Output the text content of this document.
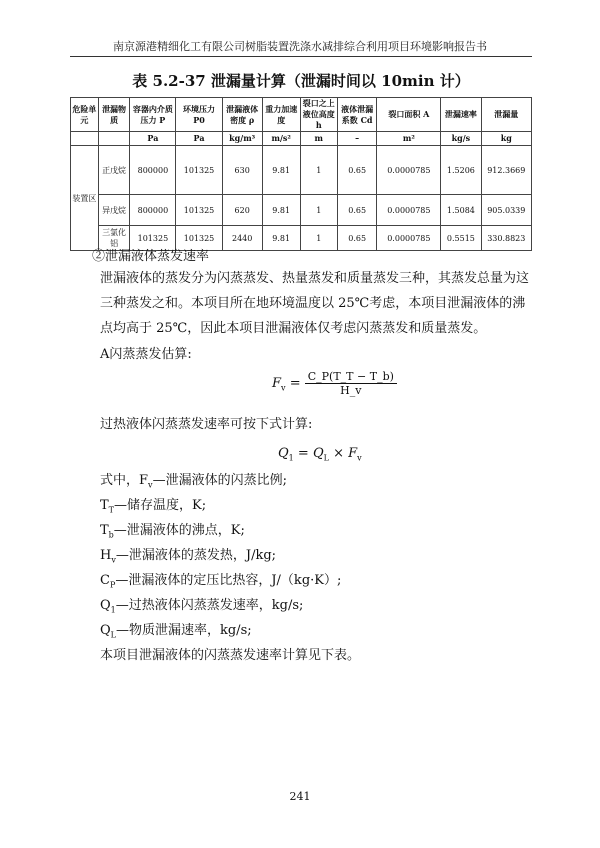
南京源港精细化工有限公司树脂装置洗涤水减排综合利用项目环境影响报告书
表 5.2-37 泄漏量计算（泄漏时间以 10min 计）
危险单元	泄漏物质	容器内介质压力 P	环境压力 P0	泄漏液体密度 ρ	重力加速度	裂口之上液位高度 h	液体泄漏系数 Cd	裂口面积 A	泄漏速率	泄漏量
		Pa	Pa	kg/m³	m/s²	m	–	m²	kg/s	kg
装置区	正戊烷	800000	101325	630	9.81	1	0.65	0.0000785	1.5206	912.3669
	异戊烷	800000	101325	620	9.81	1	0.65	0.0000785	1.5084	905.0339
	三氯化铝	101325	101325	2440	9.81	1	0.65	0.0000785	0.5515	330.8823
②泄漏液体蒸发速率
泄漏液体的蒸发分为闪蒸蒸发、热量蒸发和质量蒸发三种，其蒸发总量为这三种蒸发之和。本项目所在地环境温度以 25℃考虑，本项目泄漏液体的沸点均高于 25℃，因此本项目泄漏液体仅考虑闪蒸蒸发和质量蒸发。
A闪蒸蒸发估算:
$F_v = \frac{C\_P(T\_T - T\_b)}{H\_v}$
过热液体闪蒸蒸发速率可按下式计算:
$Q_1 = Q_L \times F_v$
式中，$F_v—$泄漏液体的闪蒸比例;
$T_T—$储存温度，K;
$T_b—$泄漏液体的沸点，K;
$H_v—$泄漏液体的蒸发热，J/kg;
$C_P—$泄漏液体的定压比热容，J/（kg·K）;
$Q_1—$过热液体闪蒸蒸发速率，kg/s;
$Q_L—$物质泄漏速率，kg/s;
本项目泄漏液体的闪蒸蒸发速率计算见下表。
241
